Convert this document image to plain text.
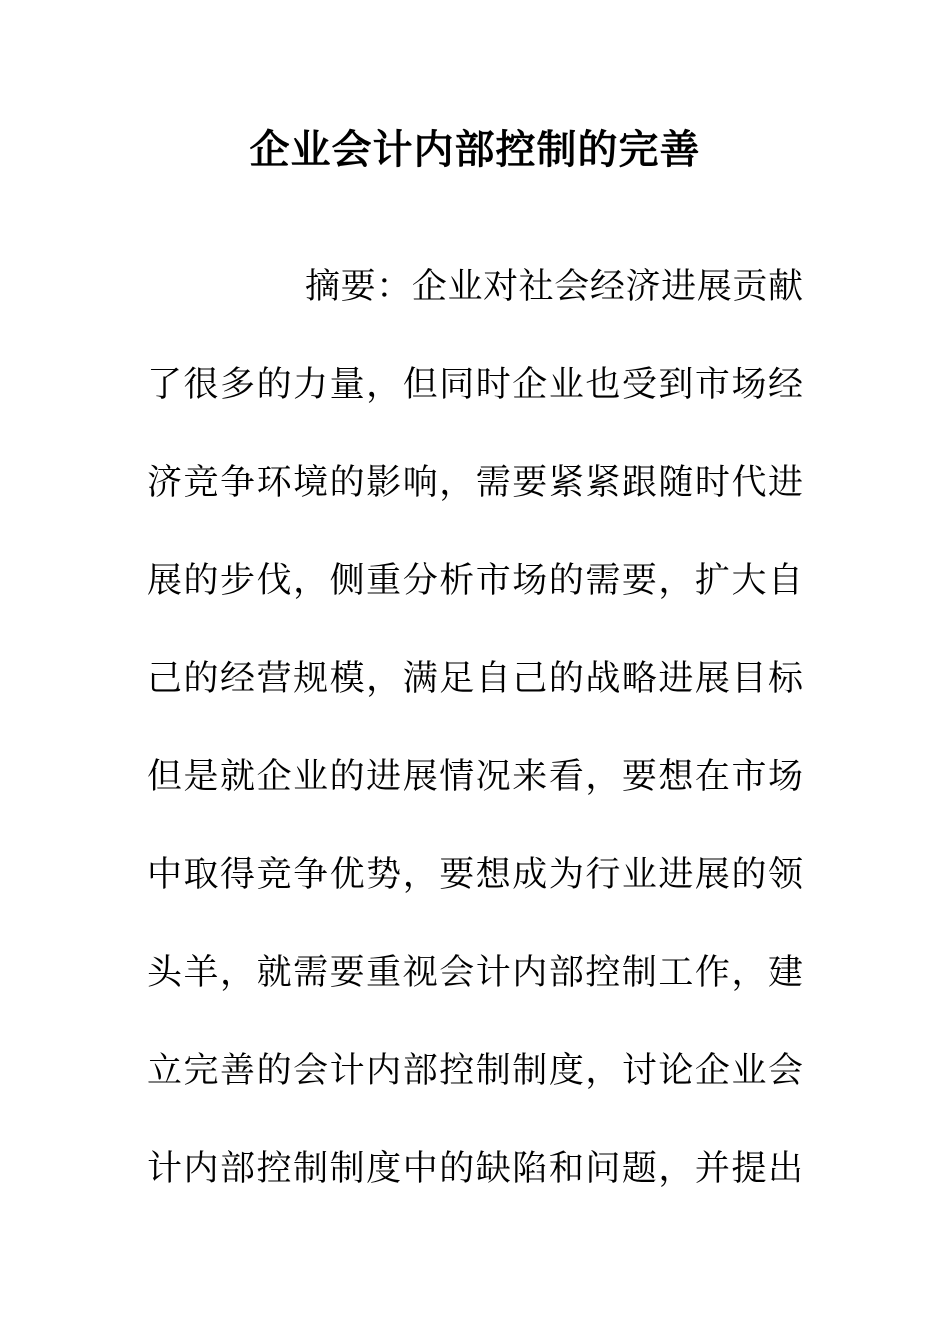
企业会计内部控制的完善
摘要：企业对社会经济进展贡献
了很多的力量，但同时企业也受到市场经
济竞争环境的影响，需要紧紧跟随时代进
展的步伐，侧重分析市场的需要，扩大自
己的经营规模，满足自己的战略进展目标
但是就企业的进展情况来看，要想在市场
中取得竞争优势，要想成为行业进展的领
头羊，就需要重视会计内部控制工作，建
立完善的会计内部控制制度，讨论企业会
计内部控制制度中的缺陷和问题，并提出
